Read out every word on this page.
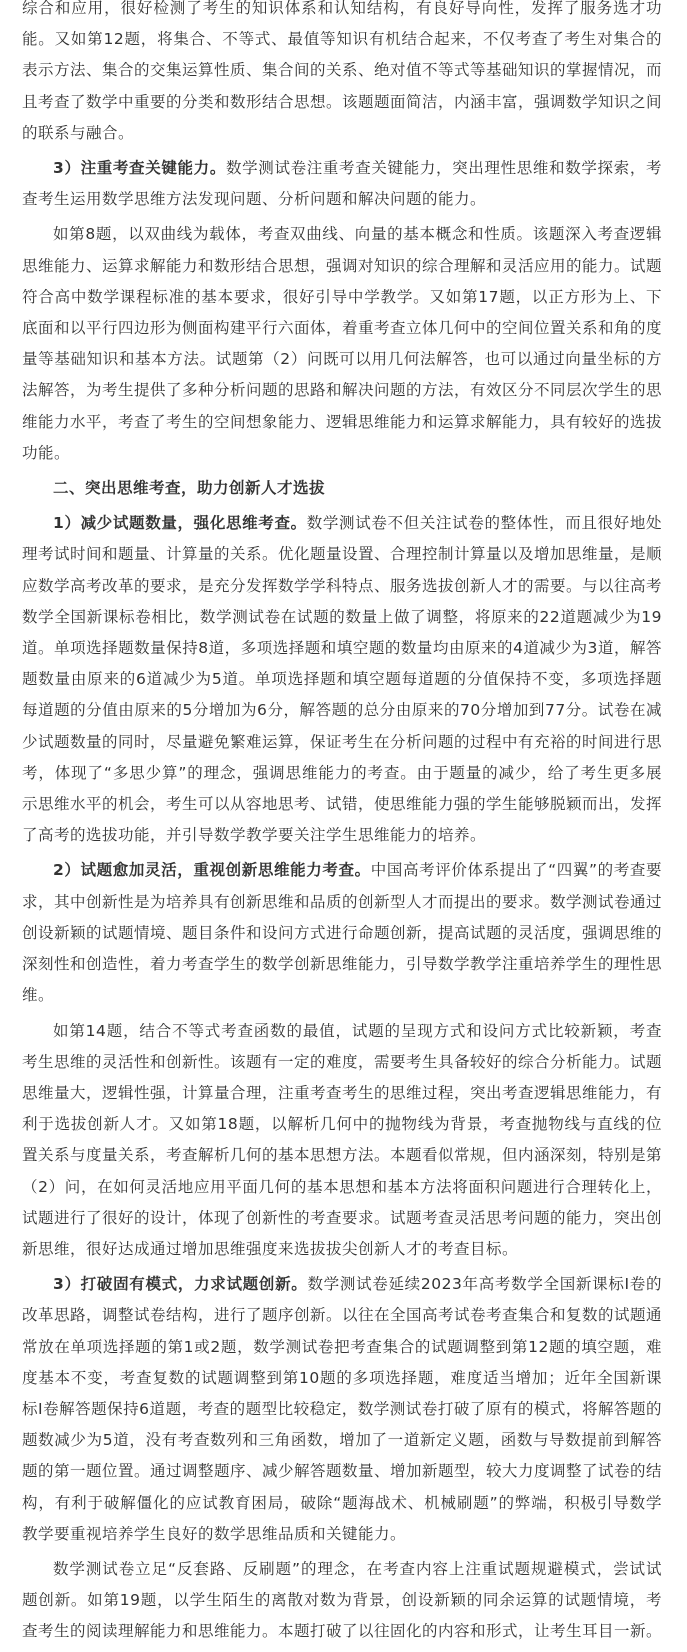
综合和应用，很好检测了考生的知识体系和认知结构，有良好导向性，发挥了服务选才功能。又如第12题，将集合、不等式、最值等知识有机结合起来，不仅考查了考生对集合的表示方法、集合的交集运算性质、集合间的关系、绝对值不等式等基础知识的掌握情况，而且考查了数学中重要的分类和数形结合思想。该题题面简洁，内涵丰富，强调数学知识之间的联系与融合。

3）注重考查关键能力。数学测试卷注重考查关键能力，突出理性思维和数学探索，考查考生运用数学思维方法发现问题、分析问题和解决问题的能力。

如第8题，以双曲线为载体，考查双曲线、向量的基本概念和性质。该题深入考查逻辑思维能力、运算求解能力和数形结合思想，强调对知识的综合理解和灵活应用的能力。试题符合高中数学课程标准的基本要求，很好引导中学教学。又如第17题，以正方形为上、下底面和以平行四边形为侧面构建平行六面体，着重考查立体几何中的空间位置关系和角的度量等基础知识和基本方法。试题第（2）问既可以用几何法解答，也可以通过向量坐标的方法解答，为考生提供了多种分析问题的思路和解决问题的方法，有效区分不同层次学生的思维能力水平，考查了考生的空间想象能力、逻辑思维能力和运算求解能力，具有较好的选拔功能。

二、突出思维考查，助力创新人才选拔

1）减少试题数量，强化思维考查。数学测试卷不但关注试卷的整体性，而且很好地处理考试时间和题量、计算量的关系。优化题量设置、合理控制计算量以及增加思维量，是顺应数学高考改革的要求，是充分发挥数学学科特点、服务选拔创新人才的需要。与以往高考数学全国新课标卷相比，数学测试卷在试题的数量上做了调整，将原来的22道题减少为19道。单项选择题数量保持8道，多项选择题和填空题的数量均由原来的4道减少为3道，解答题数量由原来的6道减少为5道。单项选择题和填空题每道题的分值保持不变，多项选择题每道题的分值由原来的5分增加为6分，解答题的总分由原来的70分增加到77分。试卷在减少试题数量的同时，尽量避免繁难运算，保证考生在分析问题的过程中有充裕的时间进行思考，体现了“多思少算”的理念，强调思维能力的考查。由于题量的减少，给了考生更多展示思维水平的机会，考生可以从容地思考、试错，使思维能力强的学生能够脱颖而出，发挥了高考的选拔功能，并引导数学教学要关注学生思维能力的培养。

2）试题愈加灵活，重视创新思维能力考查。中国高考评价体系提出了“四翼”的考查要求，其中创新性是为培养具有创新思维和品质的创新型人才而提出的要求。数学测试卷通过创设新颖的试题情境、题目条件和设问方式进行命题创新，提高试题的灵活度，强调思维的深刻性和创造性，着力考查学生的数学创新思维能力，引导数学教学注重培养学生的理性思维。

如第14题，结合不等式考查函数的最值，试题的呈现方式和设问方式比较新颖，考查考生思维的灵活性和创新性。该题有一定的难度，需要考生具备较好的综合分析能力。试题思维量大，逻辑性强，计算量合理，注重考查考生的思维过程，突出考查逻辑思维能力，有利于选拔创新人才。又如第18题，以解析几何中的抛物线为背景，考查抛物线与直线的位置关系与度量关系，考查解析几何的基本思想方法。本题看似常规，但内涵深刻，特别是第（2）问，在如何灵活地应用平面几何的基本思想和基本方法将面积问题进行合理转化上，试题进行了很好的设计，体现了创新性的考查要求。试题考查灵活思考问题的能力，突出创新思维，很好达成通过增加思维强度来选拔拔尖创新人才的考查目标。

3）打破固有模式，力求试题创新。数学测试卷延续2023年高考数学全国新课标Ⅰ卷的改革思路，调整试卷结构，进行了题序创新。以往在全国高考试卷考查集合和复数的试题通常放在单项选择题的第1或2题，数学测试卷把考查集合的试题调整到第12题的填空题，难度基本不变，考查复数的试题调整到第10题的多项选择题，难度适当增加；近年全国新课标Ⅰ卷解答题保持6道题，考查的题型比较稳定，数学测试卷打破了原有的模式，将解答题的题数减少为5道，没有考查数列和三角函数，增加了一道新定义题，函数与导数提前到解答题的第一题位置。通过调整题序、减少解答题数量、增加新题型，较大力度调整了试卷的结构，有利于破解僵化的应试教育困局，破除“题海战术、机械刷题”的弊端，积极引导数学教学要重视培养学生良好的数学思维品质和关键能力。

数学测试卷立足“反套路、反刷题”的理念，在考查内容上注重试题规避模式，尝试试题创新。如第19题，以学生陌生的离散对数为背景，创设新颖的同余运算的试题情境，考查考生的阅读理解能力和思维能力。本题打破了以往固化的内容和形式，让考生耳目一新。
